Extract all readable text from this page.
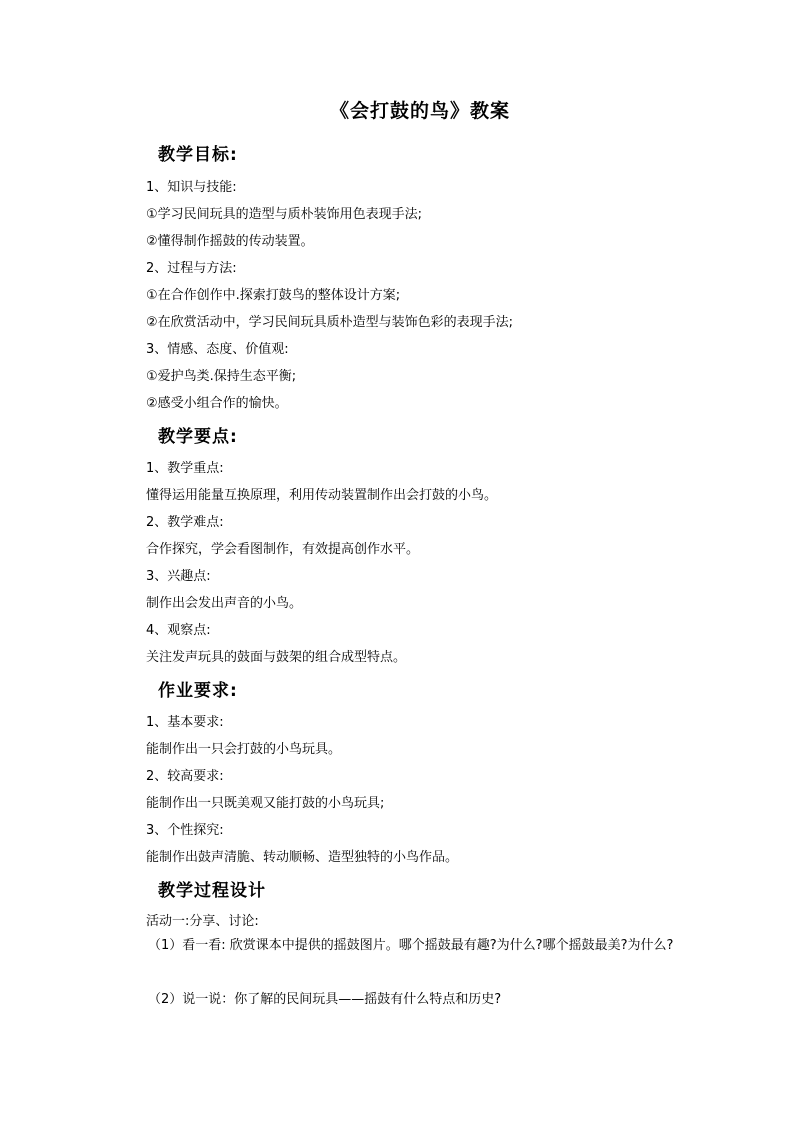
《会打鼓的鸟》教案
教学目标:
1、知识与技能:
①学习民间玩具的造型与质朴装饰用色表现手法;
②懂得制作摇鼓的传动装置。
2、过程与方法:
①在合作创作中.探索打鼓鸟的整体设计方案;
②在欣赏活动中，学习民间玩具质朴造型与装饰色彩的表现手法;
3、情感、态度、价值观:
①爱护鸟类.保持生态平衡;
②感受小组合作的愉快。
教学要点:
1、教学重点:
懂得运用能量互换原理，利用传动装置制作出会打鼓的小鸟。
2、教学难点:
合作探究，学会看图制作，有效提高创作水平。
3、兴趣点:
制作出会发出声音的小鸟。
4、观察点:
关注发声玩具的鼓面与鼓架的组合成型特点。
作业要求:
1、基本要求:
能制作出一只会打鼓的小鸟玩具。
2、较高要求:
能制作出一只既美观又能打鼓的小鸟玩具;
3、个性探究:
能制作出鼓声清脆、转动顺畅、造型独特的小鸟作品。
教学过程设计
活动一:分享、讨论:
（1）看一看: 欣赏课本中提供的摇鼓图片。哪个摇鼓最有趣?为什么?哪个摇鼓最美?为什么?
（2）说一说：你了解的民间玩具——摇鼓有什么特点和历史?
